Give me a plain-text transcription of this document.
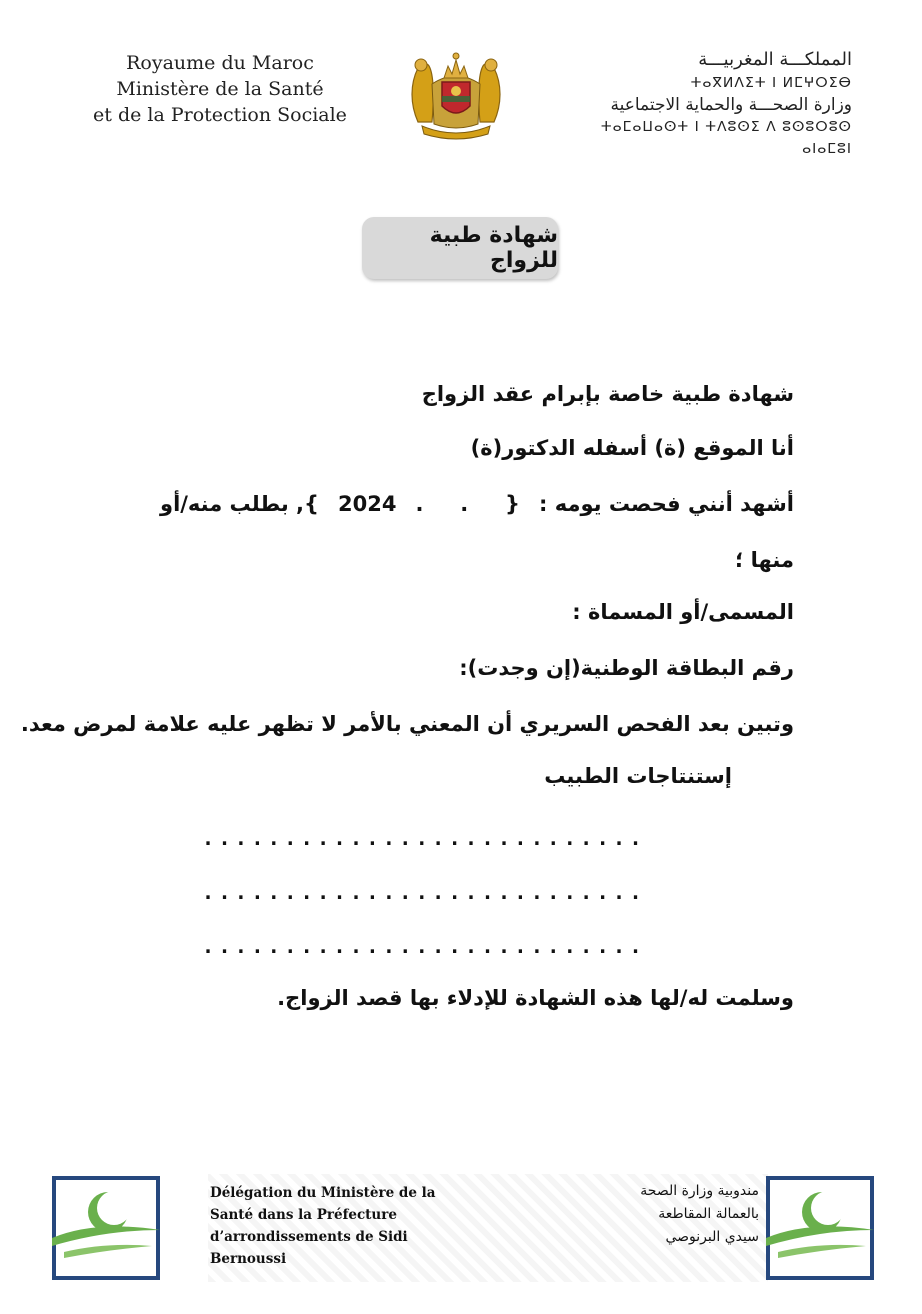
Royaume du Maroc
Ministère de la Santé
et de la Protection Sociale
المملكـــة المغربيـــة
ⵜⴰⴳⵍⴷⵉⵜ ⵏ ⵍⵎⵖⵔⵉⴱ
وزارة الصحـــة والحماية الاجتماعية
ⵜⴰⵎⴰⵡⴰⵙⵜ ⵏ ⵜⴷⵓⵙⵉ ⴷ ⵓⵙⵓⵔⵓⵙ ⴰⵏⴰⵎⵓⵏ
شهادة طبية للزواج
شهادة طبية خاصة بإبرام عقد الزواج
أنا الموقع (ة) أسفله الدكتور(ة)
أشهد أنني فحصت يومه :
{
.
.
2024
}, بطلب منه/أو
منها ؛
المسمى/أو المسماة :
رقم البطاقة الوطنية(إن وجدت):
وتبين بعد الفحص السريري أن المعني بالأمر لا تظهر عليه علامة لمرض معد.
إستنتاجات الطبيب
...........................
...........................
...........................
وسلمت له/لها هذه الشهادة للإدلاء بها قصد الزواج.
Délégation du Ministère de la
Santé dans la Préfecture
d’arrondissements de Sidi
Bernoussi
مندوبية وزارة الصحة
بالعمالة المقاطعة
سيدي البرنوصي
